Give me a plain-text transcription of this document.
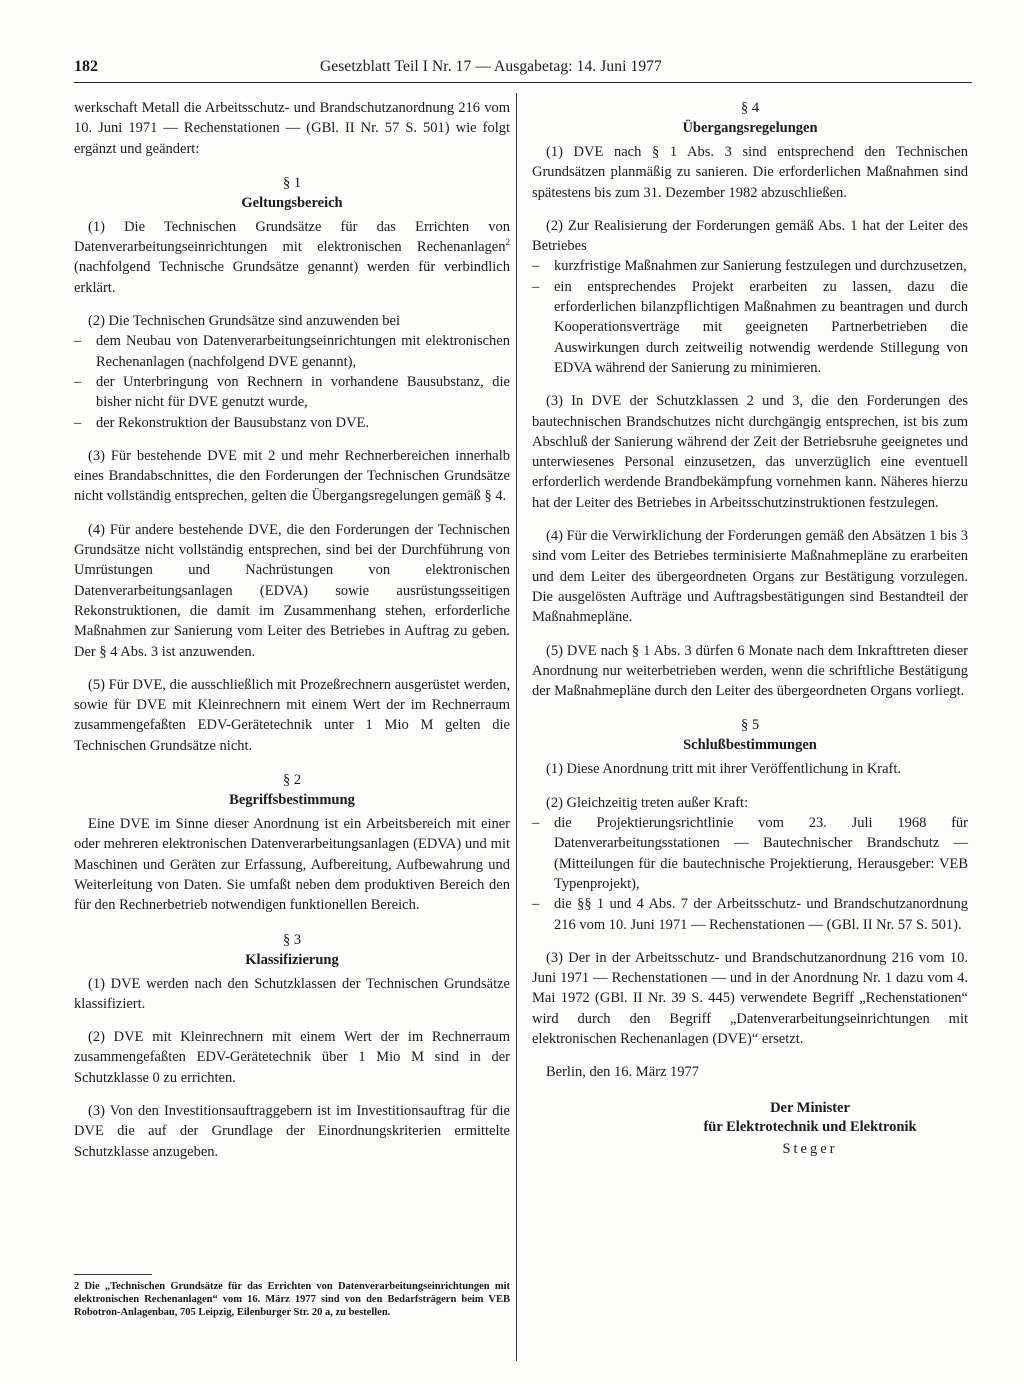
182	Gesetzblatt Teil I Nr. 17 — Ausgabetag: 14. Juni 1977

werkschaft Metall die Arbeitsschutz- und Brandschutzanordnung 216 vom 10. Juni 1971 — Rechenstationen — (GBl. II Nr. 57 S. 501) wie folgt ergänzt und geändert:

§ 1
Geltungsbereich

(1) Die Technischen Grundsätze für das Errichten von Datenverarbeitungseinrichtungen mit elektronischen Rechenanlagen$^2$ (nachfolgend Technische Grundsätze genannt) werden für verbindlich erklärt.

(2) Die Technischen Grundsätze sind anzuwenden bei

– dem Neubau von Datenverarbeitungseinrichtungen mit elektronischen Rechenanlagen (nachfolgend DVE genannt),
– der Unterbringung von Rechnern in vorhandene Bausubstanz, die bisher nicht für DVE genutzt wurde,
– der Rekonstruktion der Bausubstanz von DVE.

(3) Für bestehende DVE mit 2 und mehr Rechnerbereichen innerhalb eines Brandabschnittes, die den Forderungen der Technischen Grundsätze nicht vollständig entsprechen, gelten die Übergangsregelungen gemäß § 4.

(4) Für andere bestehende DVE, die den Forderungen der Technischen Grundsätze nicht vollständig entsprechen, sind bei der Durchführung von Umrüstungen und Nachrüstungen von elektronischen Datenverarbeitungsanlagen (EDVA) sowie ausrüstungsseitigen Rekonstruktionen, die damit im Zusammenhang stehen, erforderliche Maßnahmen zur Sanierung vom Leiter des Betriebes in Auftrag zu geben. Der § 4 Abs. 3 ist anzuwenden.

(5) Für DVE, die ausschließlich mit Prozeßrechnern ausgerüstet werden, sowie für DVE mit Kleinrechnern mit einem Wert der im Rechnerraum zusammengefaßten EDV-Gerätetechnik unter 1 Mio M gelten die Technischen Grundsätze nicht.

§ 2
Begriffsbestimmung

Eine DVE im Sinne dieser Anordnung ist ein Arbeitsbereich mit einer oder mehreren elektronischen Datenverarbeitungsanlagen (EDVA) und mit Maschinen und Geräten zur Erfassung, Aufbereitung, Aufbewahrung und Weiterleitung von Daten. Sie umfaßt neben dem produktiven Bereich den für den Rechnerbetrieb notwendigen funktionellen Bereich.

§ 3
Klassifizierung

(1) DVE werden nach den Schutzklassen der Technischen Grundsätze klassifiziert.

(2) DVE mit Kleinrechnern mit einem Wert der im Rechnerraum zusammengefaßten EDV-Gerätetechnik über 1 Mio M sind in der Schutzklasse 0 zu errichten.

(3) Von den Investitionsauftraggebern ist im Investitionsauftrag für die DVE die auf der Grundlage der Einordnungskriterien ermittelte Schutzklasse anzugeben.

2 Die „Technischen Grundsätze für das Errichten von Datenverarbeitungseinrichtungen mit elektronischen Rechenanlagen“ vom 16. März 1977 sind von den Bedarfsträgern beim VEB Robotron-Anlagenbau, 705 Leipzig, Eilenburger Str. 20 a, zu bestellen.
§ 4
Übergangsregelungen

(1) DVE nach § 1 Abs. 3 sind entsprechend den Technischen Grundsätzen planmäßig zu sanieren. Die erforderlichen Maßnahmen sind spätestens bis zum 31. Dezember 1982 abzuschließen.

(2) Zur Realisierung der Forderungen gemäß Abs. 1 hat der Leiter des Betriebes

– kurzfristige Maßnahmen zur Sanierung festzulegen und durchzusetzen,
– ein entsprechendes Projekt erarbeiten zu lassen, dazu die erforderlichen bilanzpflichtigen Maßnahmen zu beantragen und durch Kooperationsverträge mit geeigneten Partnerbetrieben die Auswirkungen durch zeitweilig notwendig werdende Stillegung von EDVA während der Sanierung zu minimieren.

(3) In DVE der Schutzklassen 2 und 3, die den Forderungen des bautechnischen Brandschutzes nicht durchgängig entsprechen, ist bis zum Abschluß der Sanierung während der Zeit der Betriebsruhe geeignetes und unterwiesenes Personal einzusetzen, das unverzüglich eine eventuell erforderlich werdende Brandbekämpfung vornehmen kann. Näheres hierzu hat der Leiter des Betriebes in Arbeitsschutzinstruktionen festzulegen.

(4) Für die Verwirklichung der Forderungen gemäß den Absätzen 1 bis 3 sind vom Leiter des Betriebes terminisierte Maßnahmepläne zu erarbeiten und dem Leiter des übergeordneten Organs zur Bestätigung vorzulegen. Die ausgelösten Aufträge und Auftragsbestätigungen sind Bestandteil der Maßnahmepläne.

(5) DVE nach § 1 Abs. 3 dürfen 6 Monate nach dem Inkrafttreten dieser Anordnung nur weiterbetrieben werden, wenn die schriftliche Bestätigung der Maßnahmepläne durch den Leiter des übergeordneten Organs vorliegt.

§ 5
Schlußbestimmungen

(1) Diese Anordnung tritt mit ihrer Veröffentlichung in Kraft.

(2) Gleichzeitig treten außer Kraft:

– die Projektierungsrichtlinie vom 23. Juli 1968 für Datenverarbeitungsstationen — Bautechnischer Brandschutz — (Mitteilungen für die bautechnische Projektierung, Herausgeber: VEB Typenprojekt),
– die §§ 1 und 4 Abs. 7 der Arbeitsschutz- und Brandschutzanordnung 216 vom 10. Juni 1971 — Rechenstationen — (GBl. II Nr. 57 S. 501).

(3) Der in der Arbeitsschutz- und Brandschutzanordnung 216 vom 10. Juni 1971 — Rechenstationen — und in der Anordnung Nr. 1 dazu vom 4. Mai 1972 (GBl. II Nr. 39 S. 445) verwendete Begriff „Rechenstationen“ wird durch den Begriff „Datenverarbeitungseinrichtungen mit elektronischen Rechenanlagen (DVE)“ ersetzt.

Berlin, den 16. März 1977

Der Minister
für Elektrotechnik und Elektronik
Steger
